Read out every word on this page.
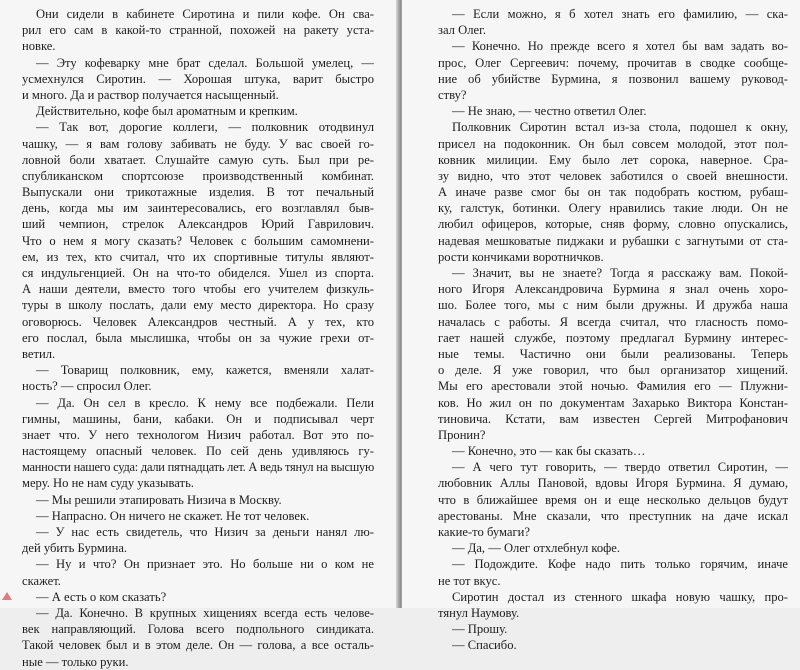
Они сидели в кабинете Сиротина и пили кофе. Он сва-
рил его сам в какой-то странной, похожей на ракету уста-
новке.
— Эту кофеварку мне брат сделал. Большой умелец, —
усмехнулся Сиротин. — Хорошая штука, варит быстро
и много. Да и раствор получается насыщенный.
Действительно, кофе был ароматным и крепким.
— Так вот, дорогие коллеги, — полковник отодвинул
чашку, — я вам голову забивать не буду. У вас своей го-
ловной боли хватает. Слушайте самую суть. Был при ре-
спубликанском спортсоюзе производственный комбинат.
Выпускали они трикотажные изделия. В тот печальный
день, когда мы им заинтересовались, его возглавлял быв-
ший чемпион, стрелок Александров Юрий Гаврилович.
Что о нем я могу сказать? Человек с большим самомнени-
ем, из тех, кто считал, что их спортивные титулы являют-
ся индульгенцией. Он на что-то обиделся. Ушел из спорта.
А наши деятели, вместо того чтобы его учителем физкуль-
туры в школу послать, дали ему место директора. Но сразу
оговорюсь. Человек Александров честный. А у тех, кто
его послал, была мыслишка, чтобы он за чужие грехи от-
ветил.
— Товарищ полковник, ему, кажется, вменяли халат-
ность? — спросил Олег.
— Да. Он сел в кресло. К нему все подбежали. Пели
гимны, машины, бани, кабаки. Он и подписывал черт
знает что. У него технологом Низич работал. Вот это по-
настоящему опасный человек. По сей день удивляюсь гу-
манности нашего суда: дали пятнадцать лет. А ведь тянул на высшую
меру. Но не нам суду указывать.
— Мы решили этапировать Низича в Москву.
— Напрасно. Он ничего не скажет. Не тот человек.
— У нас есть свидетель, что Низич за деньги нанял лю-
дей убить Бурмина.
— Ну и что? Он признает это. Но больше ни о ком не
скажет.
— А есть о ком сказать?
— Да. Конечно. В крупных хищениях всегда есть челове-
век направляющий. Голова всего подпольного синдиката.
Такой человек был и в этом деле. Он — голова, а все осталь-
ные — только руки.
— Если можно, я б хотел знать его фамилию, — ска-
зал Олег.
— Конечно. Но прежде всего я хотел бы вам задать во-
прос, Олег Сергеевич: почему, прочитав в сводке сообще-
ние об убийстве Бурмина, я позвонил вашему руковод-
ству?
— Не знаю, — честно ответил Олег.
Полковник Сиротин встал из-за стола, подошел к окну,
присел на подоконник. Он был совсем молодой, этот пол-
ковник милиции. Ему было лет сорока, наверное. Сра-
зу видно, что этот человек заботился о своей внешности.
А иначе разве смог бы он так подобрать костюм, рубаш-
ку, галстук, ботинки. Олегу нравились такие люди. Он не
любил офицеров, которые, сняв форму, словно опускались,
надевая мешковатые пиджаки и рубашки с загнутыми от ста-
рости кончиками воротничков.
— Значит, вы не знаете? Тогда я расскажу вам. Покой-
ного Игоря Александровича Бурмина я знал очень хоро-
шо. Более того, мы с ним были дружны. И дружба наша
началась с работы. Я всегда считал, что гласность помо-
гает нашей службе, поэтому предлагал Бурмину интерес-
ные темы. Частично они были реализованы. Теперь
о деле. Я уже говорил, что был организатор хищений.
Мы его арестовали этой ночью. Фамилия его — Плужни-
ков. Но жил он по документам Захарько Виктора Констан-
тиновича. Кстати, вам известен Сергей Митрофанович
Пронин?
— Конечно, это — как бы сказать…
— А чего тут говорить, — твердо ответил Сиротин, —
любовник Аллы Пановой, вдовы Игоря Бурмина. Я думаю,
что в ближайшее время он и еще несколько дельцов будут
арестованы. Мне сказали, что преступник на даче искал
какие-то бумаги?
— Да, — Олег отхлебнул кофе.
— Подождите. Кофе надо пить только горячим, иначе
не тот вкус.
Сиротин достал из стенного шкафа новую чашку, про-
тянул Наумову.
— Прошу.
— Спасибо.
